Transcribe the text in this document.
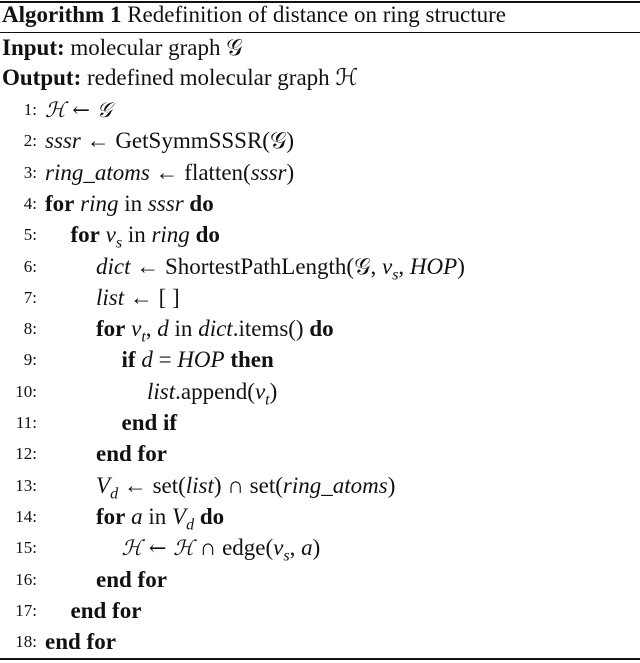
Algorithm 1 Redefinition of distance on ring structure
Input: molecular graph 𝒢
Output: redefined molecular graph ℋ
1: ℋ ← 𝒢
2: sssr ← GetSymmSSSR(𝒢)
3: ring_atoms ← flatten(sssr)
4: for ring in sssr do
5: for $v_s$ in ring do
6:	dict ← ShortestPathLength(𝒢, $v_s$, HOP)
7:	list ← [ ]
8:	for $v_t$, d in dict.items() do
9:	if d = HOP then
10:	$list.append(v_t)$
11:	end if
12:	end for
13:	$V_d$ ← set(list) ∩ set(ring_atoms)
14:	for a in $V_d$ do
15:	ℋ ← ℋ ∩ $edge(v_s$, a)
16:	end for
17: end for
18: end for
